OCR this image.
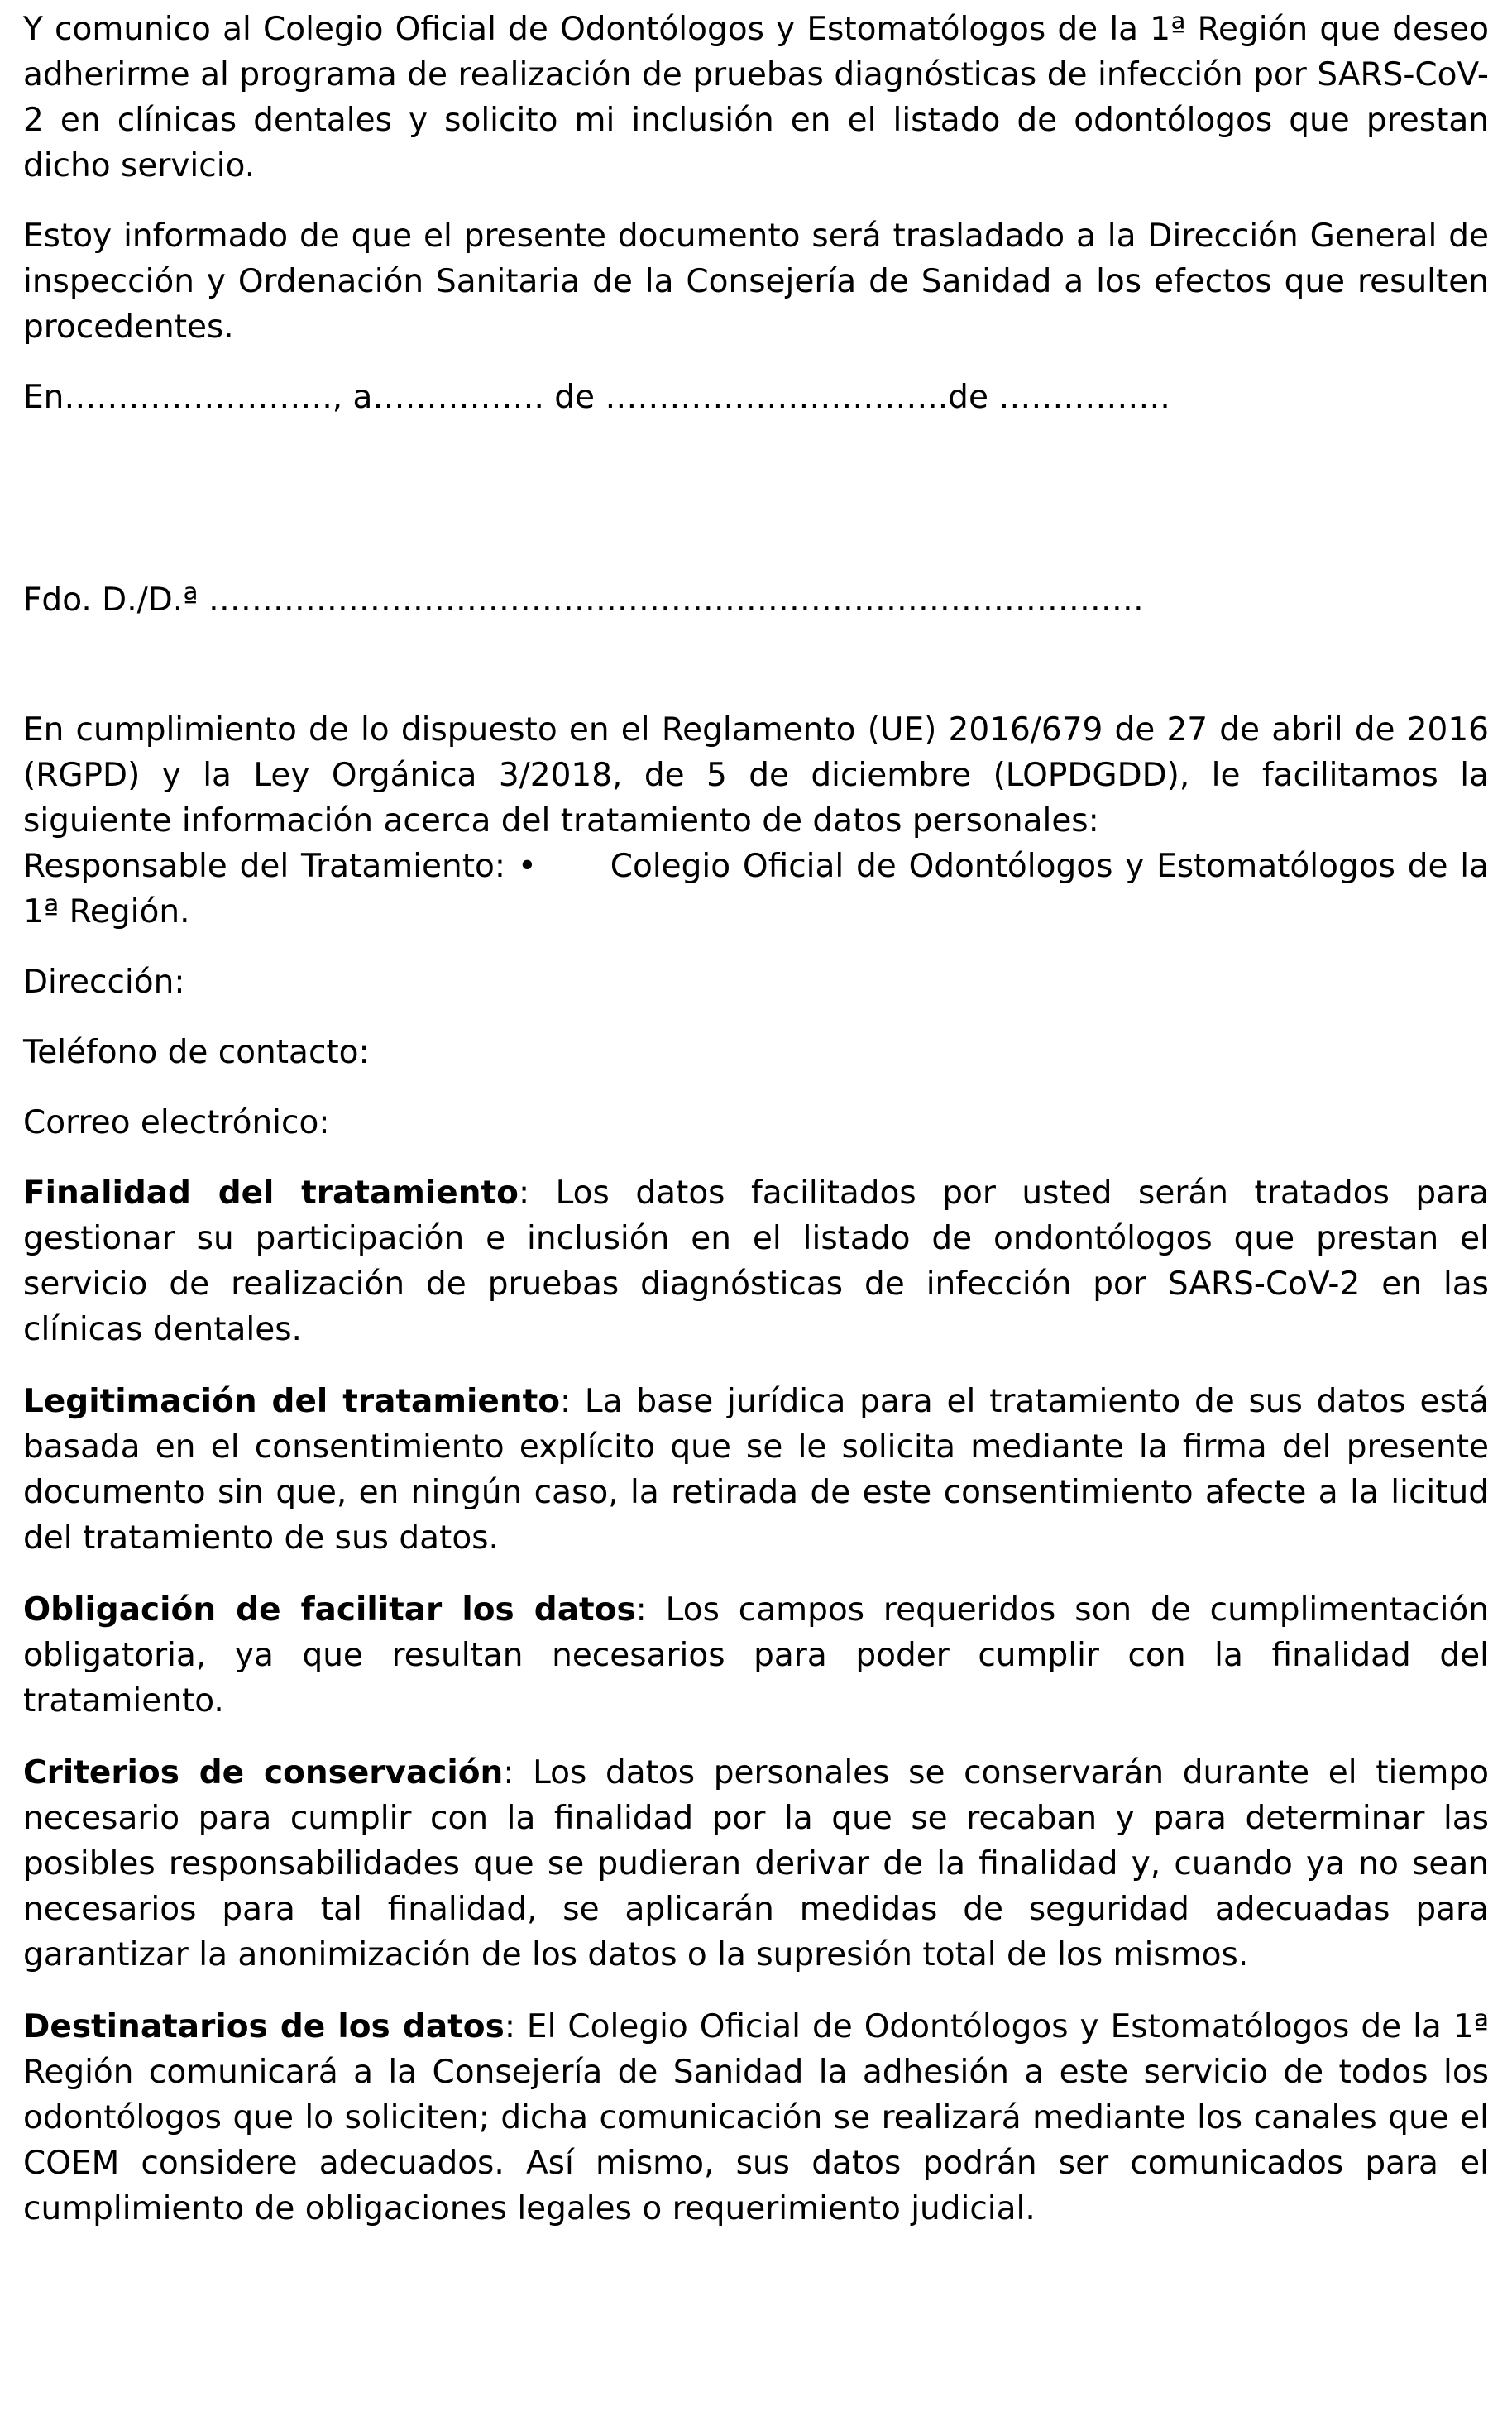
Y comunico al Colegio Oficial de Odontólogos y Estomatólogos de la 1ª Región que deseo adherirme al programa de realización de pruebas diagnósticas de infección por SARS-CoV-2 en clínicas dentales y solicito mi inclusión en el listado de odontólogos que prestan dicho servicio.

Estoy informado de que el presente documento será trasladado a la Dirección General de inspección y Ordenación Sanitaria de la Consejería de Sanidad a los efectos que resulten procedentes.

En……………………., a……………. de …………………………..de …………….

Fdo. D./D.ª ……………………………………………………………………………

En cumplimiento de lo dispuesto en el Reglamento (UE) 2016/679 de 27 de abril de 2016 (RGPD) y la Ley Orgánica 3/2018, de 5 de diciembre (LOPDGDD), le facilitamos la siguiente información acerca del tratamiento de datos personales:

Responsable del Tratamiento: • Colegio Oficial de Odontólogos y Estomatólogos de la 1ª Región.

Dirección:

Teléfono de contacto:

Correo electrónico:

Finalidad del tratamiento: Los datos facilitados por usted serán tratados para gestionar su participación e inclusión en el listado de ondontólogos que prestan el servicio de realización de pruebas diagnósticas de infección por SARS-CoV-2 en las clínicas dentales.

Legitimación del tratamiento: La base jurídica para el tratamiento de sus datos está basada en el consentimiento explícito que se le solicita mediante la firma del presente documento sin que, en ningún caso, la retirada de este consentimiento afecte a la licitud del tratamiento de sus datos.

Obligación de facilitar los datos: Los campos requeridos son de cumplimentación obligatoria, ya que resultan necesarios para poder cumplir con la finalidad del tratamiento.

Criterios de conservación: Los datos personales se conservarán durante el tiempo necesario para cumplir con la finalidad por la que se recaban y para determinar las posibles responsabilidades que se pudieran derivar de la finalidad y, cuando ya no sean necesarios para tal finalidad, se aplicarán medidas de seguridad adecuadas para garantizar la anonimización de los datos o la supresión total de los mismos.

Destinatarios de los datos: El Colegio Oficial de Odontólogos y Estomatólogos de la 1ª Región comunicará a la Consejería de Sanidad la adhesión a este servicio de todos los odontólogos que lo soliciten; dicha comunicación se realizará mediante los canales que el COEM considere adecuados. Así mismo, sus datos podrán ser comunicados para el cumplimiento de obligaciones legales o requerimiento judicial.
